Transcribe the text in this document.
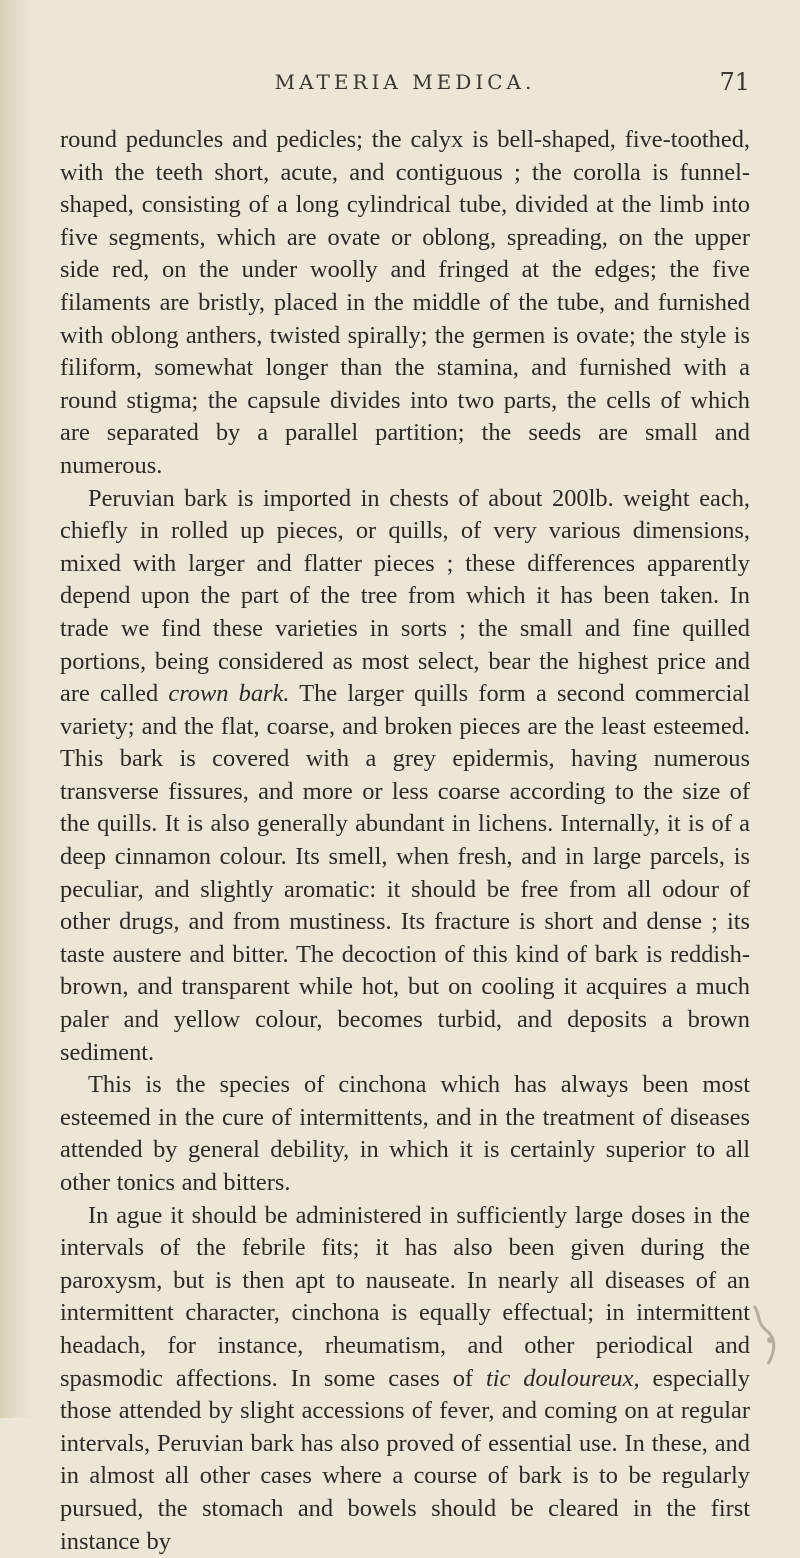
MATERIA MEDICA.	71

round peduncles and pedicles; the calyx is bell-shaped, five-toothed, with the teeth short, acute, and contiguous ; the corolla is funnel-shaped, consisting of a long cylindrical tube, divided at the limb into five segments, which are ovate or oblong, spreading, on the upper side red, on the under woolly and fringed at the edges; the five filaments are bristly, placed in the middle of the tube, and furnished with oblong anthers, twisted spirally; the germen is ovate; the style is filiform, somewhat longer than the stamina, and furnished with a round stigma; the capsule divides into two parts, the cells of which are separated by a parallel partition; the seeds are small and numerous.

Peruvian bark is imported in chests of about 200lb. weight each, chiefly in rolled up pieces, or quills, of very various dimensions, mixed with larger and flatter pieces ; these differences apparently depend upon the part of the tree from which it has been taken. In trade we find these varieties in sorts ; the small and fine quilled portions, being considered as most select, bear the highest price and are called crown bark. The larger quills form a second commercial variety; and the flat, coarse, and broken pieces are the least esteemed. This bark is covered with a grey epidermis, having numerous transverse fissures, and more or less coarse according to the size of the quills. It is also generally abundant in lichens. Internally, it is of a deep cinnamon colour. Its smell, when fresh, and in large parcels, is peculiar, and slightly aromatic: it should be free from all odour of other drugs, and from mustiness. Its fracture is short and dense ; its taste austere and bitter. The decoction of this kind of bark is reddish-brown, and transparent while hot, but on cooling it acquires a much paler and yellow colour, becomes turbid, and deposits a brown sediment.

This is the species of cinchona which has always been most esteemed in the cure of intermittents, and in the treatment of diseases attended by general debility, in which it is certainly superior to all other tonics and bitters.

In ague it should be administered in sufficiently large doses in the intervals of the febrile fits; it has also been given during the paroxysm, but is then apt to nauseate. In nearly all diseases of an intermittent character, cinchona is equally effectual; in intermittent headach, for instance, rheumatism, and other periodical and spasmodic affections. In some cases of tic douloureux, especially those attended by slight accessions of fever, and coming on at regular intervals, Peruvian bark has also proved of essential use. In these, and in almost all other cases where a course of bark is to be regularly pursued, the stomach and bowels should be cleared in the first instance by
